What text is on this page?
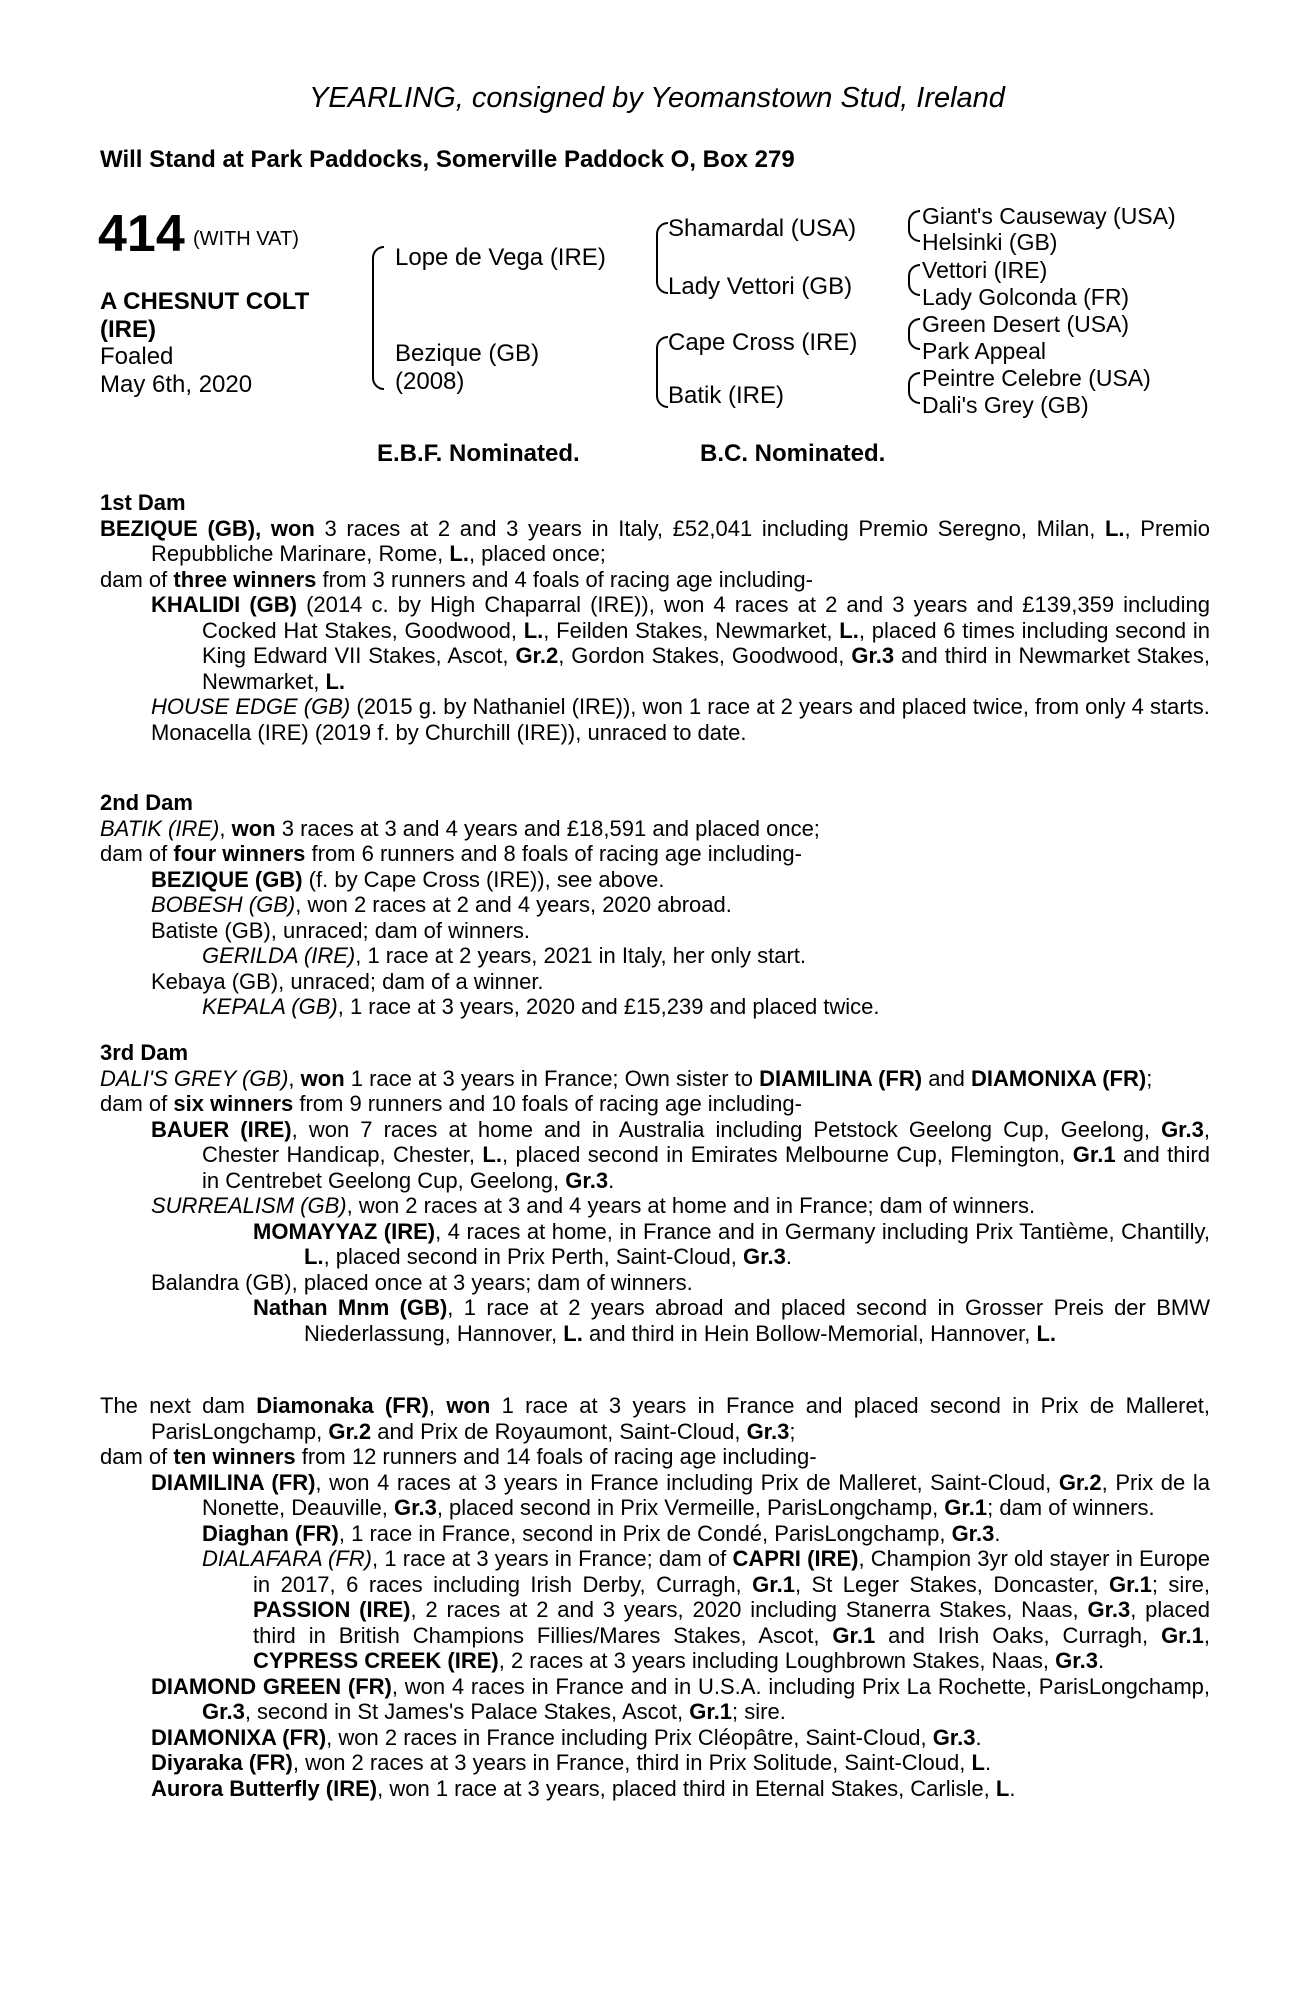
YEARLING, consigned by Yeomanstown Stud, Ireland
Will Stand at Park Paddocks, Somerville Paddock O, Box 279
414 (WITH VAT)
A CHESNUT COLT
(IRE)
Foaled
May 6th, 2020
Lope de Vega (IRE)
Bezique (GB)
(2008)
Shamardal (USA)
Lady Vettori (GB)
Cape Cross (IRE)
Batik (IRE)
Giant's Causeway (USA)
Helsinki (GB)
Vettori (IRE)
Lady Golconda (FR)
Green Desert (USA)
Park Appeal
Peintre Celebre (USA)
Dali's Grey (GB)
E.B.F. Nominated.	B.C. Nominated.

1st Dam

BEZIQUE (GB), won 3 races at 2 and 3 years in Italy, £52,041 including Premio Seregno, Milan, L., Premio Repubbliche Marinare, Rome, L., placed once;

dam of three winners from 3 runners and 4 foals of racing age including-

KHALIDI (GB) (2014 c. by High Chaparral (IRE)), won 4 races at 2 and 3 years and £139,359 including Cocked Hat Stakes, Goodwood, L., Feilden Stakes, Newmarket, L., placed 6 times including second in King Edward VII Stakes, Ascot, Gr.2, Gordon Stakes, Goodwood, Gr.3 and third in Newmarket Stakes, Newmarket, L.

HOUSE EDGE (GB) (2015 g. by Nathaniel (IRE)), won 1 race at 2 years and placed twice, from only 4 starts.

Monacella (IRE) (2019 f. by Churchill (IRE)), unraced to date.

2nd Dam

BATIK (IRE), won 3 races at 3 and 4 years and £18,591 and placed once;

dam of four winners from 6 runners and 8 foals of racing age including-

BEZIQUE (GB) (f. by Cape Cross (IRE)), see above.

BOBESH (GB), won 2 races at 2 and 4 years, 2020 abroad.

Batiste (GB), unraced; dam of winners.

GERILDA (IRE), 1 race at 2 years, 2021 in Italy, her only start.

Kebaya (GB), unraced; dam of a winner.

KEPALA (GB), 1 race at 3 years, 2020 and £15,239 and placed twice.

3rd Dam

DALI'S GREY (GB), won 1 race at 3 years in France; Own sister to DIAMILINA (FR) and DIAMONIXA (FR);

dam of six winners from 9 runners and 10 foals of racing age including-

BAUER (IRE), won 7 races at home and in Australia including Petstock Geelong Cup, Geelong, Gr.3, Chester Handicap, Chester, L., placed second in Emirates Melbourne Cup, Flemington, Gr.1 and third in Centrebet Geelong Cup, Geelong, Gr.3.

SURREALISM (GB), won 2 races at 3 and 4 years at home and in France; dam of winners.

MOMAYYAZ (IRE), 4 races at home, in France and in Germany including Prix Tantième, Chantilly, L., placed second in Prix Perth, Saint-Cloud, Gr.3.

Balandra (GB), placed once at 3 years; dam of winners.

Nathan Mnm (GB), 1 race at 2 years abroad and placed second in Grosser Preis der BMW Niederlassung, Hannover, L. and third in Hein Bollow-Memorial, Hannover, L.

The next dam Diamonaka (FR), won 1 race at 3 years in France and placed second in Prix de Malleret, ParisLongchamp, Gr.2 and Prix de Royaumont, Saint-Cloud, Gr.3;

dam of ten winners from 12 runners and 14 foals of racing age including-

DIAMILINA (FR), won 4 races at 3 years in France including Prix de Malleret, Saint-Cloud, Gr.2, Prix de la Nonette, Deauville, Gr.3, placed second in Prix Vermeille, ParisLongchamp, Gr.1; dam of winners.

Diaghan (FR), 1 race in France, second in Prix de Condé, ParisLongchamp, Gr.3.

DIALAFARA (FR), 1 race at 3 years in France; dam of CAPRI (IRE), Champion 3yr old stayer in Europe in 2017, 6 races including Irish Derby, Curragh, Gr.1, St Leger Stakes, Doncaster, Gr.1; sire, PASSION (IRE), 2 races at 2 and 3 years, 2020 including Stanerra Stakes, Naas, Gr.3, placed third in British Champions Fillies/Mares Stakes, Ascot, Gr.1 and Irish Oaks, Curragh, Gr.1, CYPRESS CREEK (IRE), 2 races at 3 years including Loughbrown Stakes, Naas, Gr.3.

DIAMOND GREEN (FR), won 4 races in France and in U.S.A. including Prix La Rochette, ParisLongchamp, Gr.3, second in St James's Palace Stakes, Ascot, Gr.1; sire.

DIAMONIXA (FR), won 2 races in France including Prix Cléopâtre, Saint-Cloud, Gr.3.

Diyaraka (FR), won 2 races at 3 years in France, third in Prix Solitude, Saint-Cloud, L.

Aurora Butterfly (IRE), won 1 race at 3 years, placed third in Eternal Stakes, Carlisle, L.
